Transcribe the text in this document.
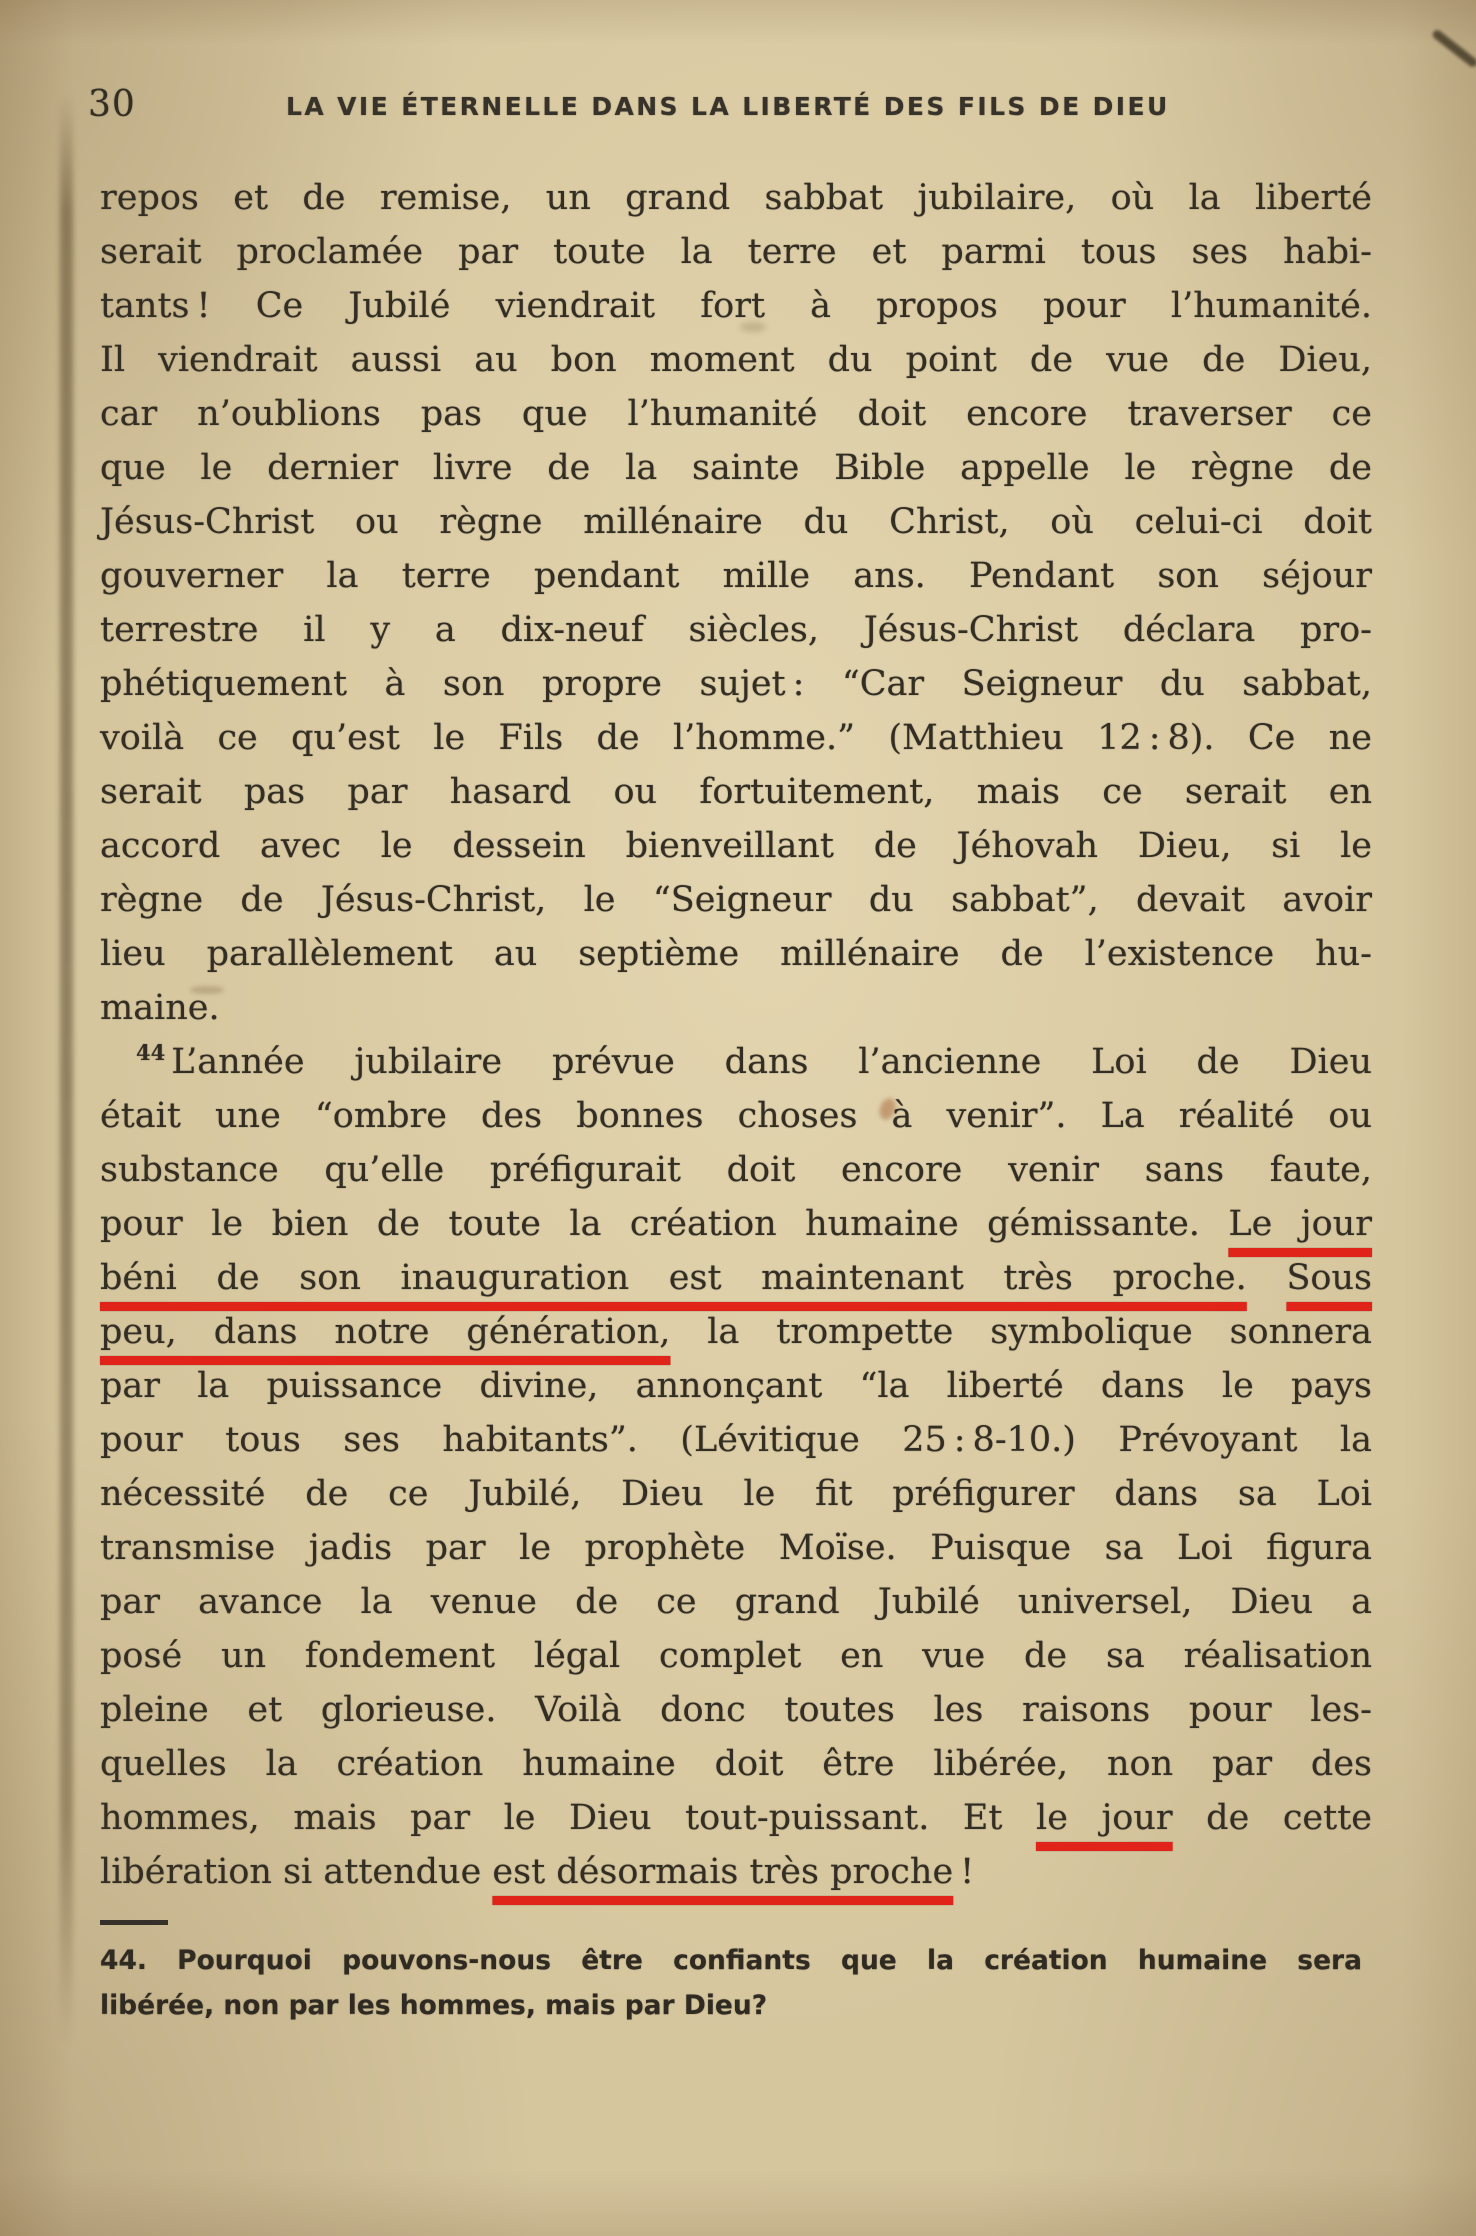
30	LA VIE ÉTERNELLE DANS LA LIBERTÉ DES FILS DE DIEU
repos et de remise, un grand sabbat jubilaire, où la liberté
serait proclamée par toute la terre et parmi tous ses habi-
tants ! Ce Jubilé viendrait fort à propos pour l’humanité.
Il viendrait aussi au bon moment du point de vue de Dieu,
car n’oublions pas que l’humanité doit encore traverser ce
que le dernier livre de la sainte Bible appelle le règne de
Jésus-Christ ou règne millénaire du Christ, où celui-ci doit
gouverner la terre pendant mille ans. Pendant son séjour
terrestre il y a dix-neuf siècles, Jésus-Christ déclara pro-
phétiquement à son propre sujet : “Car Seigneur du sabbat,
voilà ce qu’est le Fils de l’homme.” (Matthieu 12 : 8). Ce ne
serait pas par hasard ou fortuitement, mais ce serait en
accord avec le dessein bienveillant de Jéhovah Dieu, si le
règne de Jésus-Christ, le “Seigneur du sabbat”, devait avoir
lieu parallèlement au septième millénaire de l’existence hu-
maine.
$^{44}$ L’année jubilaire prévue dans l’ancienne Loi de Dieu
était une “ombre des bonnes choses à venir”. La réalité ou
substance qu’elle préfigurait doit encore venir sans faute,
pour le bien de toute la création humaine gémissante. Le jour
béni de son inauguration est maintenant très proche. Sous
peu, dans notre génération, la trompette symbolique sonnera
par la puissance divine, annonçant “la liberté dans le pays
pour tous ses habitants”. (Lévitique 25 : 8-10.) Prévoyant la
nécessité de ce Jubilé, Dieu le fit préfigurer dans sa Loi
transmise jadis par le prophète Moïse. Puisque sa Loi figura
par avance la venue de ce grand Jubilé universel, Dieu a
posé un fondement légal complet en vue de sa réalisation
pleine et glorieuse. Voilà donc toutes les raisons pour les-
quelles la création humaine doit être libérée, non par des
hommes, mais par le Dieu tout-puissant. Et le jour de cette
libération si attendue est désormais très proche !
44. Pourquoi pouvons-nous être confiants que la création humaine sera
libérée, non par les hommes, mais par Dieu?
